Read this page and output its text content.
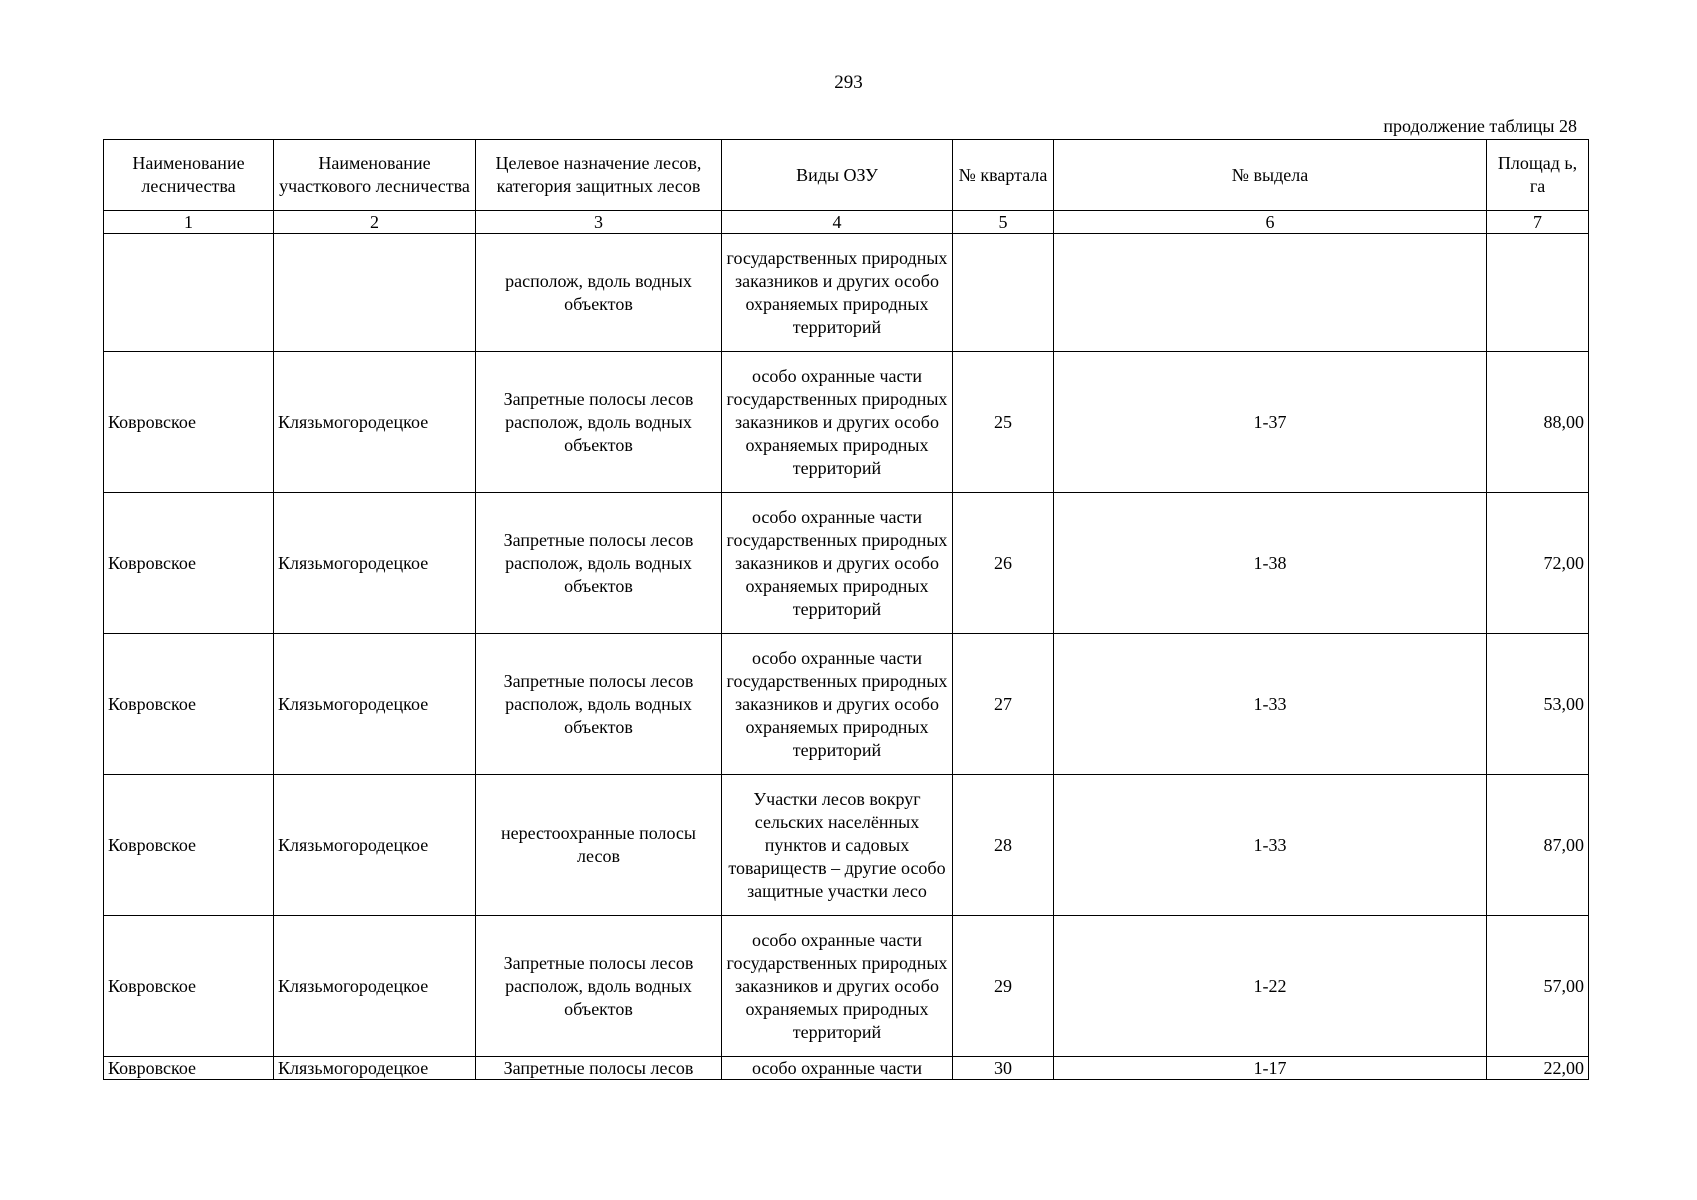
293
продолжение таблицы 28
Наименование лесничества	Наименование участкового лесничества	Целевое назначение лесов, категория защитных лесов	Виды ОЗУ	№ квартала	№ выдела	Площад ь, га
1	2	3	4	5	6	7
		располож, вдоль водных объектов	государственных природных заказников и других особо охраняемых природных территорий			
Ковровское	Клязьмогородецкое	Запретные полосы лесов располож, вдоль водных объектов	особо охранные части государственных природных заказников и других особо охраняемых природных территорий	25	1-37	88,00
Ковровское	Клязьмогородецкое	Запретные полосы лесов располож, вдоль водных объектов	особо охранные части государственных природных заказников и других особо охраняемых природных территорий	26	1-38	72,00
Ковровское	Клязьмогородецкое	Запретные полосы лесов располож, вдоль водных объектов	особо охранные части государственных природных заказников и других особо охраняемых природных территорий	27	1-33	53,00
Ковровское	Клязьмогородецкое	нерестоохранные полосы лесов	Участки лесов вокруг сельских населённых пунктов и садовых товариществ – другие особо защитные участки лесо	28	1-33	87,00
Ковровское	Клязьмогородецкое	Запретные полосы лесов располож, вдоль водных объектов	особо охранные части государственных природных заказников и других особо охраняемых природных территорий	29	1-22	57,00
Ковровское	Клязьмогородецкое	Запретные полосы лесов	особо охранные части	30	1-17	22,00
